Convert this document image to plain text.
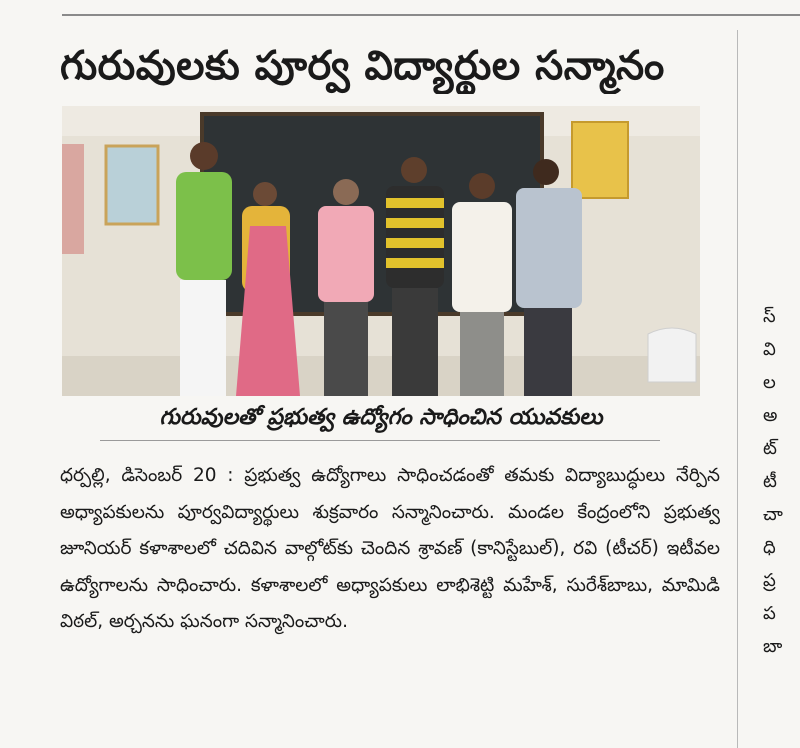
గురువులకు పూర్వ విద్యార్థుల సన్మానం
గురువులతో ప్రభుత్వ ఉద్యోగం సాధించిన యువకులు

ధర్పల్లి, డిసెంబర్ 20 : ప్రభుత్వ ఉద్యోగాలు సాధించడంతో తమకు విద్యాబుద్ధులు నేర్పిన అధ్యాపకులను పూర్వవిద్యార్థులు శుక్రవారం సన్మానించారు. మండల కేంద్రంలోని ప్రభుత్వ జూనియర్ కళాశాలలో చదివిన వాల్గోట్‌కు చెందిన శ్రావణ్ (కానిస్టేబుల్), రవి (టీచర్) ఇటీవల ఉద్యోగాలను సాధించారు. కళాశాలలో అధ్యాపకులు లాభిశెట్టి మహేశ్, సురేశ్‌బాబు, మామిడి విఠల్, అర్చనను ఘనంగా సన్మానించారు.

స్
వి
ల
అ
ట్
టీ
చా
ధి
ప్ర
ప
బా
